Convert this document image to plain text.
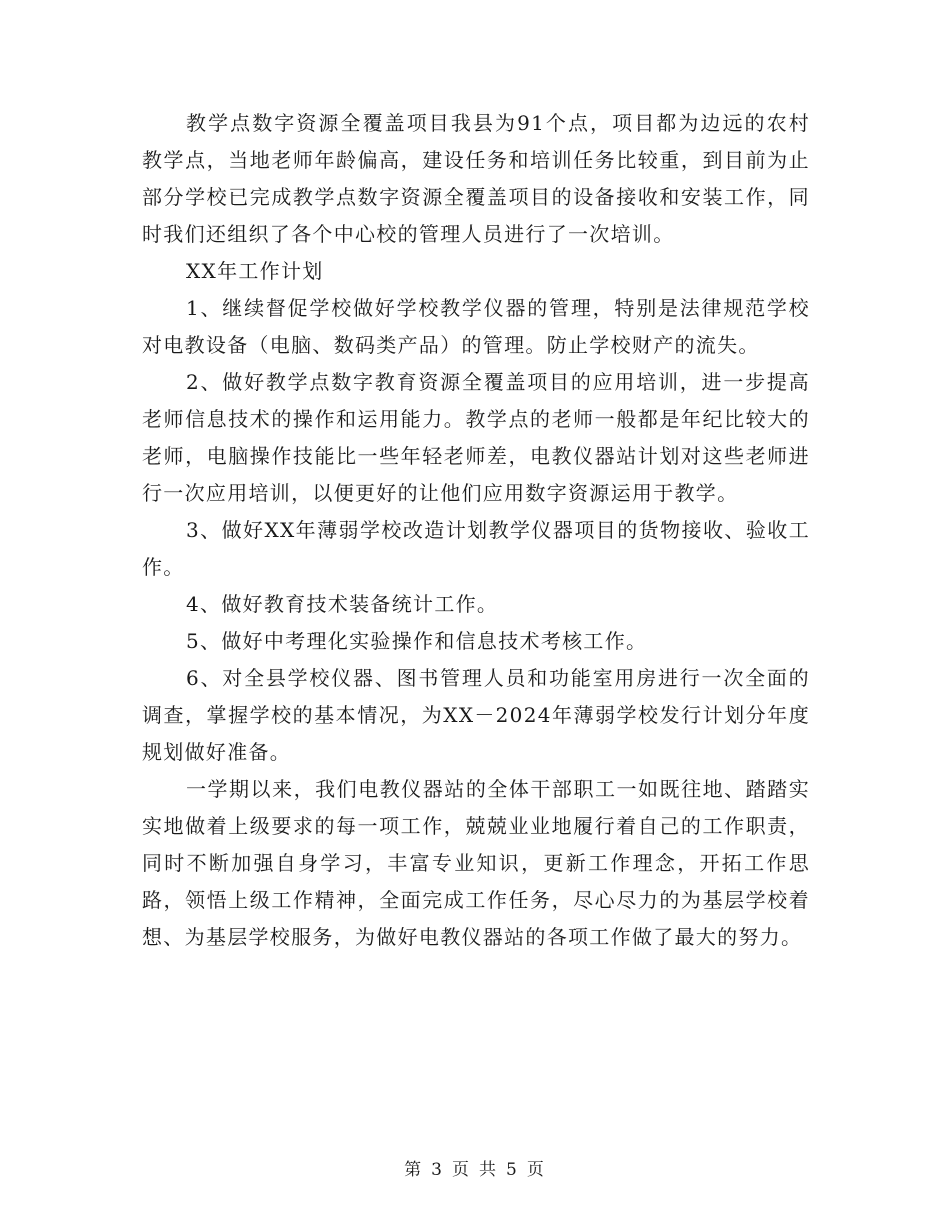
教学点数字资源全覆盖项目我县为91个点，项目都为边远的农村教学点，当地老师年龄偏高，建设任务和培训任务比较重，到目前为止部分学校已完成教学点数字资源全覆盖项目的设备接收和安装工作，同时我们还组织了各个中心校的管理人员进行了一次培训。

XX年工作计划

1、继续督促学校做好学校教学仪器的管理，特别是法律规范学校对电教设备（电脑、数码类产品）的管理。防止学校财产的流失。

2、做好教学点数字教育资源全覆盖项目的应用培训，进一步提高老师信息技术的操作和运用能力。教学点的老师一般都是年纪比较大的老师，电脑操作技能比一些年轻老师差，电教仪器站计划对这些老师进行一次应用培训，以便更好的让他们应用数字资源运用于教学。

3、做好XX年薄弱学校改造计划教学仪器项目的货物接收、验收工作。

4、做好教育技术装备统计工作。

5、做好中考理化实验操作和信息技术考核工作。

6、对全县学校仪器、图书管理人员和功能室用房进行一次全面的调查，掌握学校的基本情况，为XX－2024年薄弱学校发行计划分年度规划做好准备。

一学期以来，我们电教仪器站的全体干部职工一如既往地、踏踏实实地做着上级要求的每一项工作，兢兢业业地履行着自己的工作职责，同时不断加强自身学习，丰富专业知识，更新工作理念，开拓工作思路，领悟上级工作精神，全面完成工作任务，尽心尽力的为基层学校着想、为基层学校服务，为做好电教仪器站的各项工作做了最大的努力。

第 3 页 共 5 页
